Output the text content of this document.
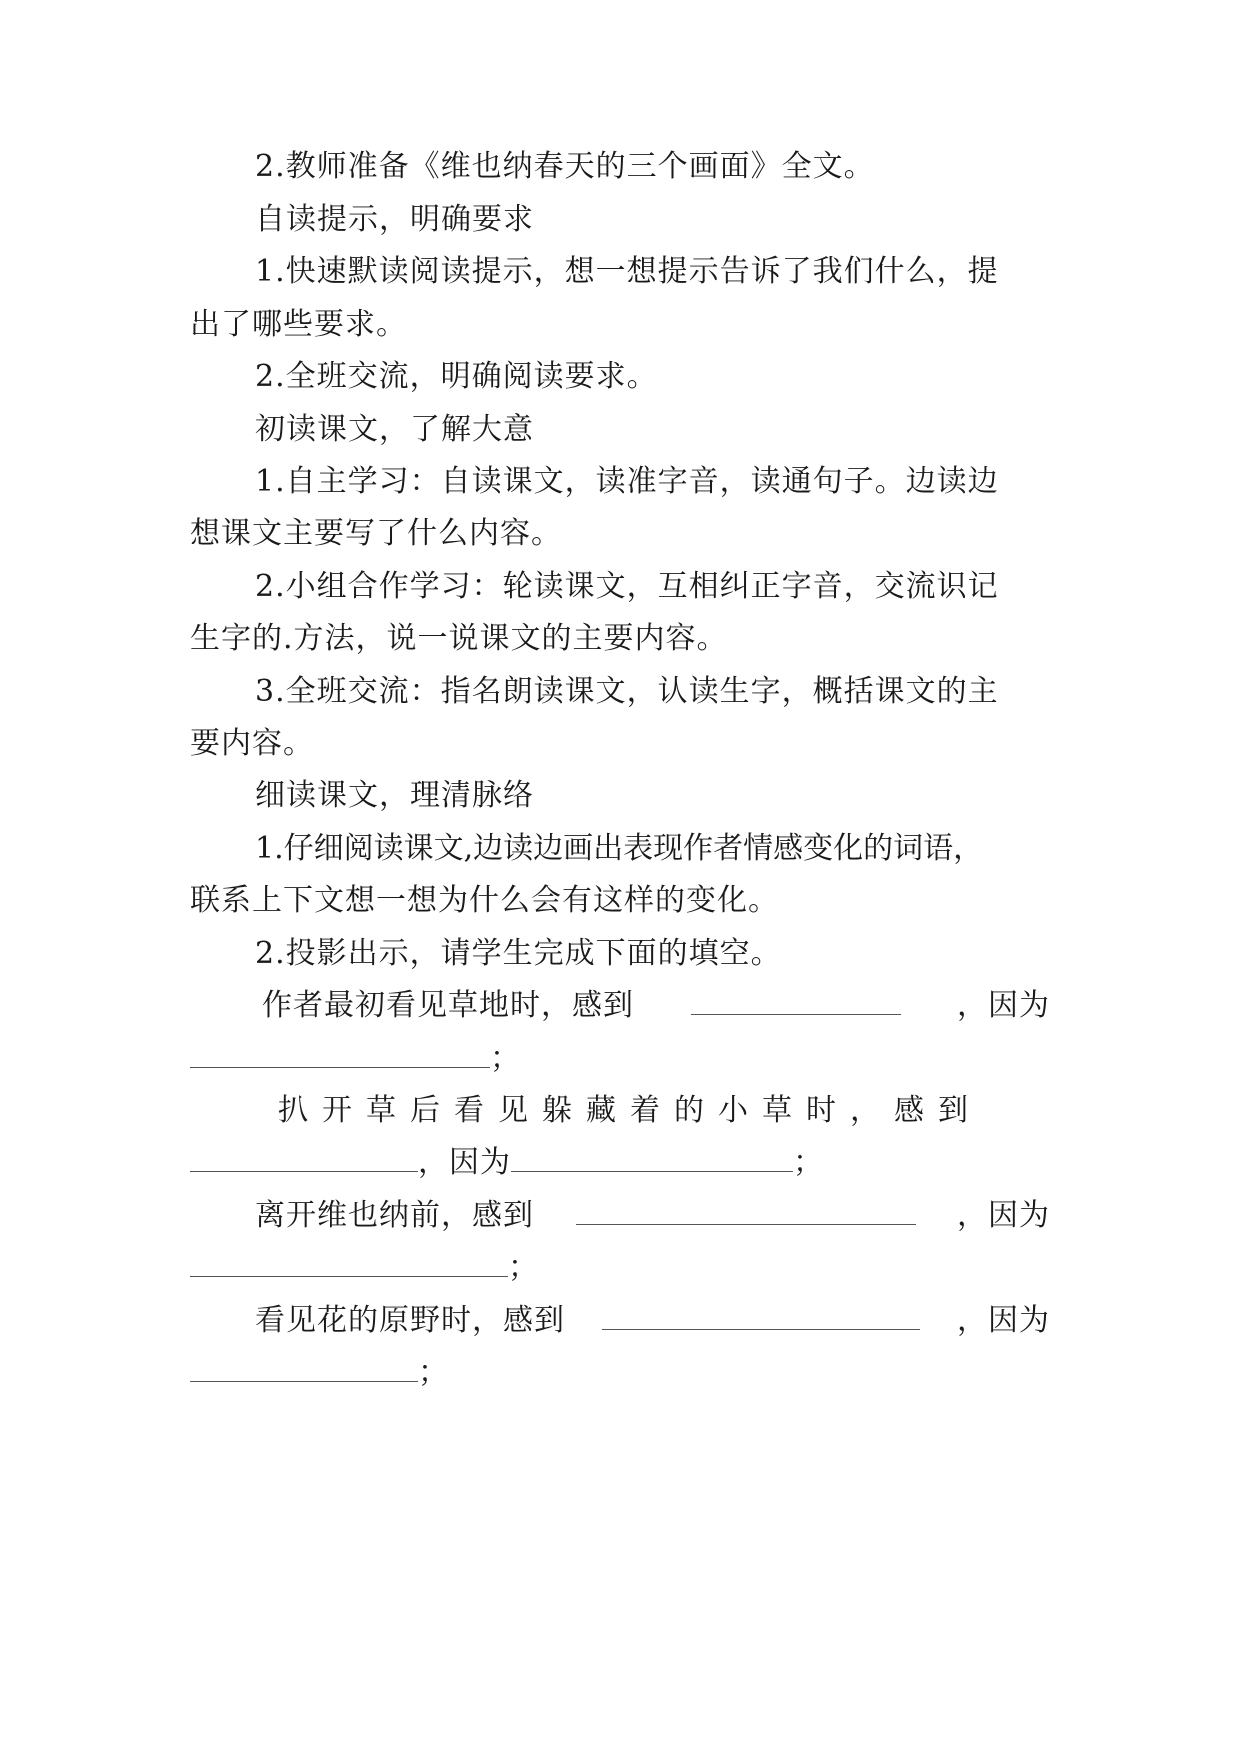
2.教师准备《维也纳春天的三个画面》全文。
自读提示，明确要求
1.快速默读阅读提示，想一想提示告诉了我们什么，提
出了哪些要求。
2.全班交流，明确阅读要求。
初读课文，了解大意
1.自主学习：自读课文，读准字音，读通句子。边读边
想课文主要写了什么内容。
2.小组合作学习：轮读课文，互相纠正字音，交流识记
生字的.方法，说一说课文的主要内容。
3.全班交流：指名朗读课文，认读生字，概括课文的主
要内容。
细读课文，理清脉络
1.仔细阅读课文,边读边画出表现作者情感变化的词语，
联系上下文想一想为什么会有这样的变化。
2.投影出示，请学生完成下面的填空。
作者最初看见草地时，感到	，因为
；
扒开草后看见躲藏着的小草时，感到
，因为	；
离开维也纳前，感到	，因为
；
看见花的原野时，感到	，因为
；
